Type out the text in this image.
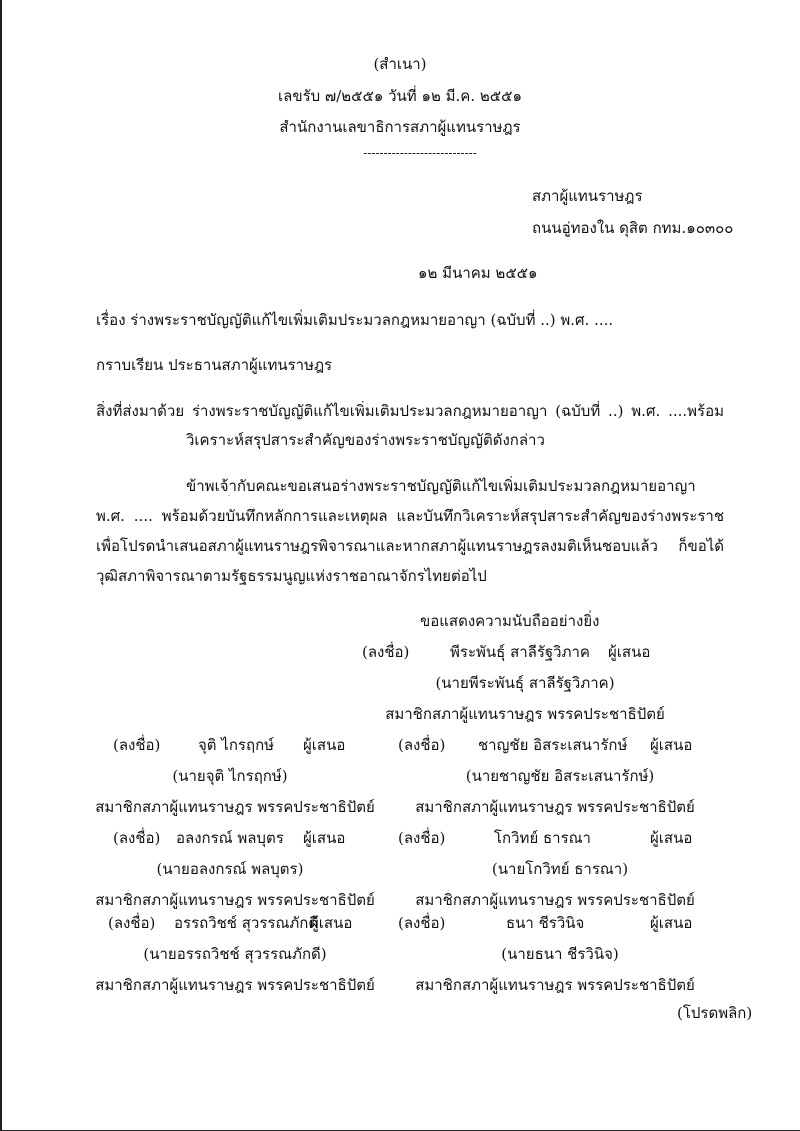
(สำเนา)
เลขรับ ๗/๒๕๕๑ วันที่ ๑๒ มี.ค. ๒๕๕๑
สำนักงานเลขาธิการสภาผู้แทนราษฎร
----------------------------
สภาผู้แทนราษฎร
ถนนอู่ทองใน ดุสิต กทม.๑๐๓๐๐
๑๒ มีนาคม ๒๕๕๑
เรื่อง ร่างพระราชบัญญัติแก้ไขเพิ่มเติมประมวลกฎหมายอาญา (ฉบับที่ ..) พ.ศ. ....
กราบเรียน ประธานสภาผู้แทนราษฎร
สิ่งที่ส่งมาด้วย ร่างพระราชบัญญัติแก้ไขเพิ่มเติมประมวลกฎหมายอาญา (ฉบับที่ ..) พ.ศ. ....พร้อม
วิเคราะห์สรุปสาระสำคัญของร่างพระราชบัญญัติดังกล่าว
ข้าพเจ้ากับคณะขอเสนอร่างพระราชบัญญัติแก้ไขเพิ่มเติมประมวลกฎหมายอาญา
พ.ศ. .... พร้อมด้วยบันทึกหลักการและเหตุผล และบันทึกวิเคราะห์สรุปสาระสำคัญของร่างพระราช
เพื่อโปรดนำเสนอสภาผู้แทนราษฎรพิจารณาและหากสภาผู้แทนราษฎรลงมติเห็นชอบแล้ว ก็ขอได้
วุฒิสภาพิจารณาตามรัฐธรรมนูญแห่งราชอาณาจักรไทยต่อไป
ขอแสดงความนับถืออย่างยิ่ง
(ลงชื่อ)	พีระพันธุ์ สาลีรัฐวิภาค ผู้เสนอ
(นายพีระพันธุ์ สาลีรัฐวิภาค)
สมาชิกสภาผู้แทนราษฎร พรรคประชาธิปัตย์
(ลงชื่อ)	จุติ ไกรฤกษ์ ผู้เสนอ
(นายจุติ ไกรฤกษ์)
สมาชิกสภาผู้แทนราษฎร พรรคประชาธิปัตย์
(ลงชื่อ) ชาญชัย อิสระเสนารักษ์ ผู้เสนอ
(นายชาญชัย อิสระเสนารักษ์)
สมาชิกสภาผู้แทนราษฎร พรรคประชาธิปัตย์
(ลงชื่อ) อลงกรณ์ พลบุตร ผู้เสนอ
(นายอลงกรณ์ พลบุตร)
สมาชิกสภาผู้แทนราษฎร พรรคประชาธิปัตย์
(ลงชื่อ)	โกวิทย์ ธารณา	ผู้เสนอ
(นายโกวิทย์ ธารณา)
สมาชิกสภาผู้แทนราษฎร พรรคประชาธิปัตย์
(ลงชื่อ) อรรถวิชช์ สุวรรณภักดี
ผู้เสนอ
(นายอรรถวิชช์ สุวรรณภักดี)
สมาชิกสภาผู้แทนราษฎร พรรคประชาธิปัตย์
(ลงชื่อ)	ธนา ชีรวินิจ	ผู้เสนอ
(นายธนา ชีรวินิจ)
สมาชิกสภาผู้แทนราษฎร พรรคประชาธิปัตย์
(โปรดพลิก)
